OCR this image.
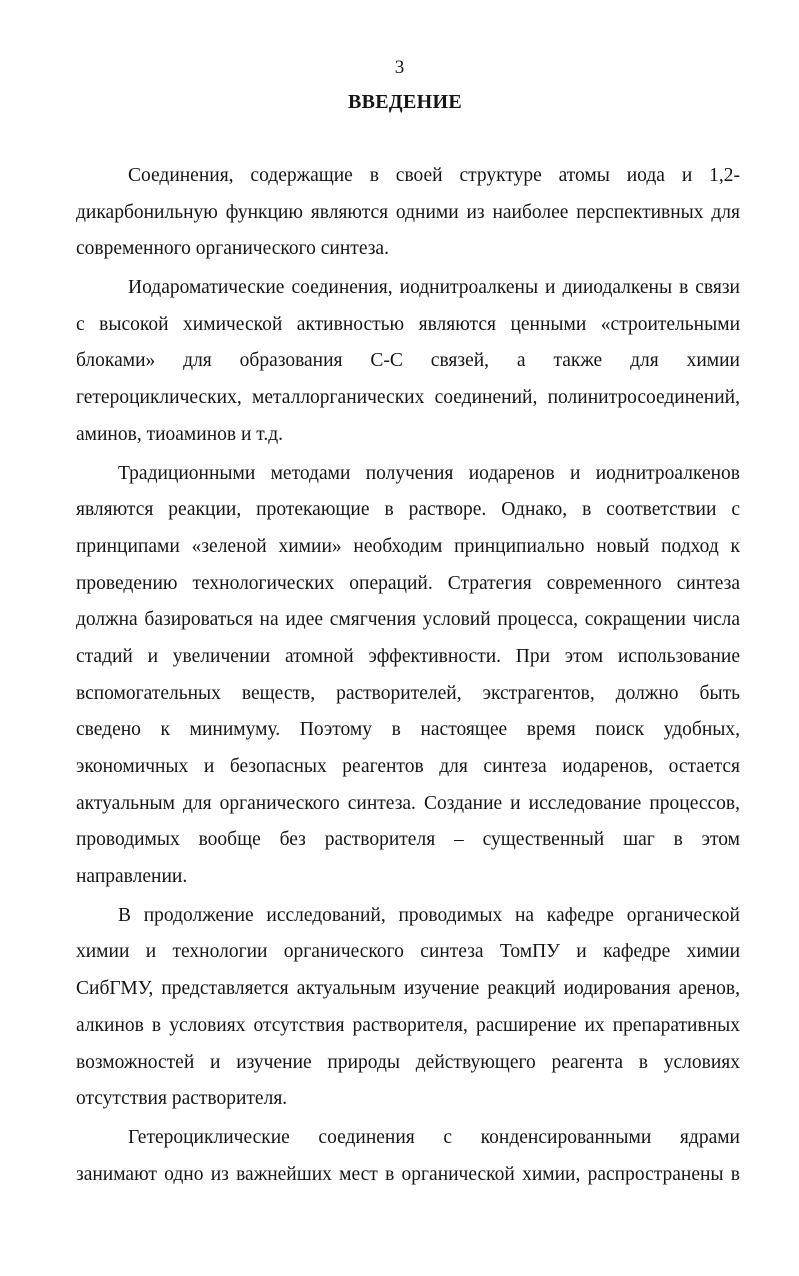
3
ВВЕДЕНИЕ
Соединения, содержащие в своей структуре атомы иода и 1,2-
дикарбонильную функцию являются одними из наиболее перспективных для
современного органического синтеза.
Иодароматические соединения, иоднитроалкены и дииодалкены в связи
с высокой химической активностью являются ценными «строительными
блоками» для образования С-С связей, а также для химии
гетероциклических, металлорганических соединений, полинитросоединений,
аминов, тиоаминов и т.д.
Традиционными методами получения иодаренов и иоднитроалкенов
являются реакции, протекающие в растворе. Однако, в соответствии с
принципами «зеленой химии» необходим принципиально новый подход к
проведению технологических операций. Стратегия современного синтеза
должна базироваться на идее смягчения условий процесса, сокращении числа
стадий и увеличении атомной эффективности. При этом использование
вспомогательных веществ, растворителей, экстрагентов, должно быть
сведено к минимуму. Поэтому в настоящее время поиск удобных,
экономичных и безопасных реагентов для синтеза иодаренов, остается
актуальным для органического синтеза. Создание и исследование процессов,
проводимых вообще без растворителя – существенный шаг в этом
направлении.
В продолжение исследований, проводимых на кафедре органической
химии и технологии органического синтеза ТомПУ и кафедре химии
СибГМУ, представляется актуальным изучение реакций иодирования аренов,
алкинов в условиях отсутствия растворителя, расширение их препаративных
возможностей и изучение природы действующего реагента в условиях
отсутствия растворителя.
Гетероциклические соединения с конденсированными ядрами
занимают одно из важнейших мест в органической химии, распространены в
